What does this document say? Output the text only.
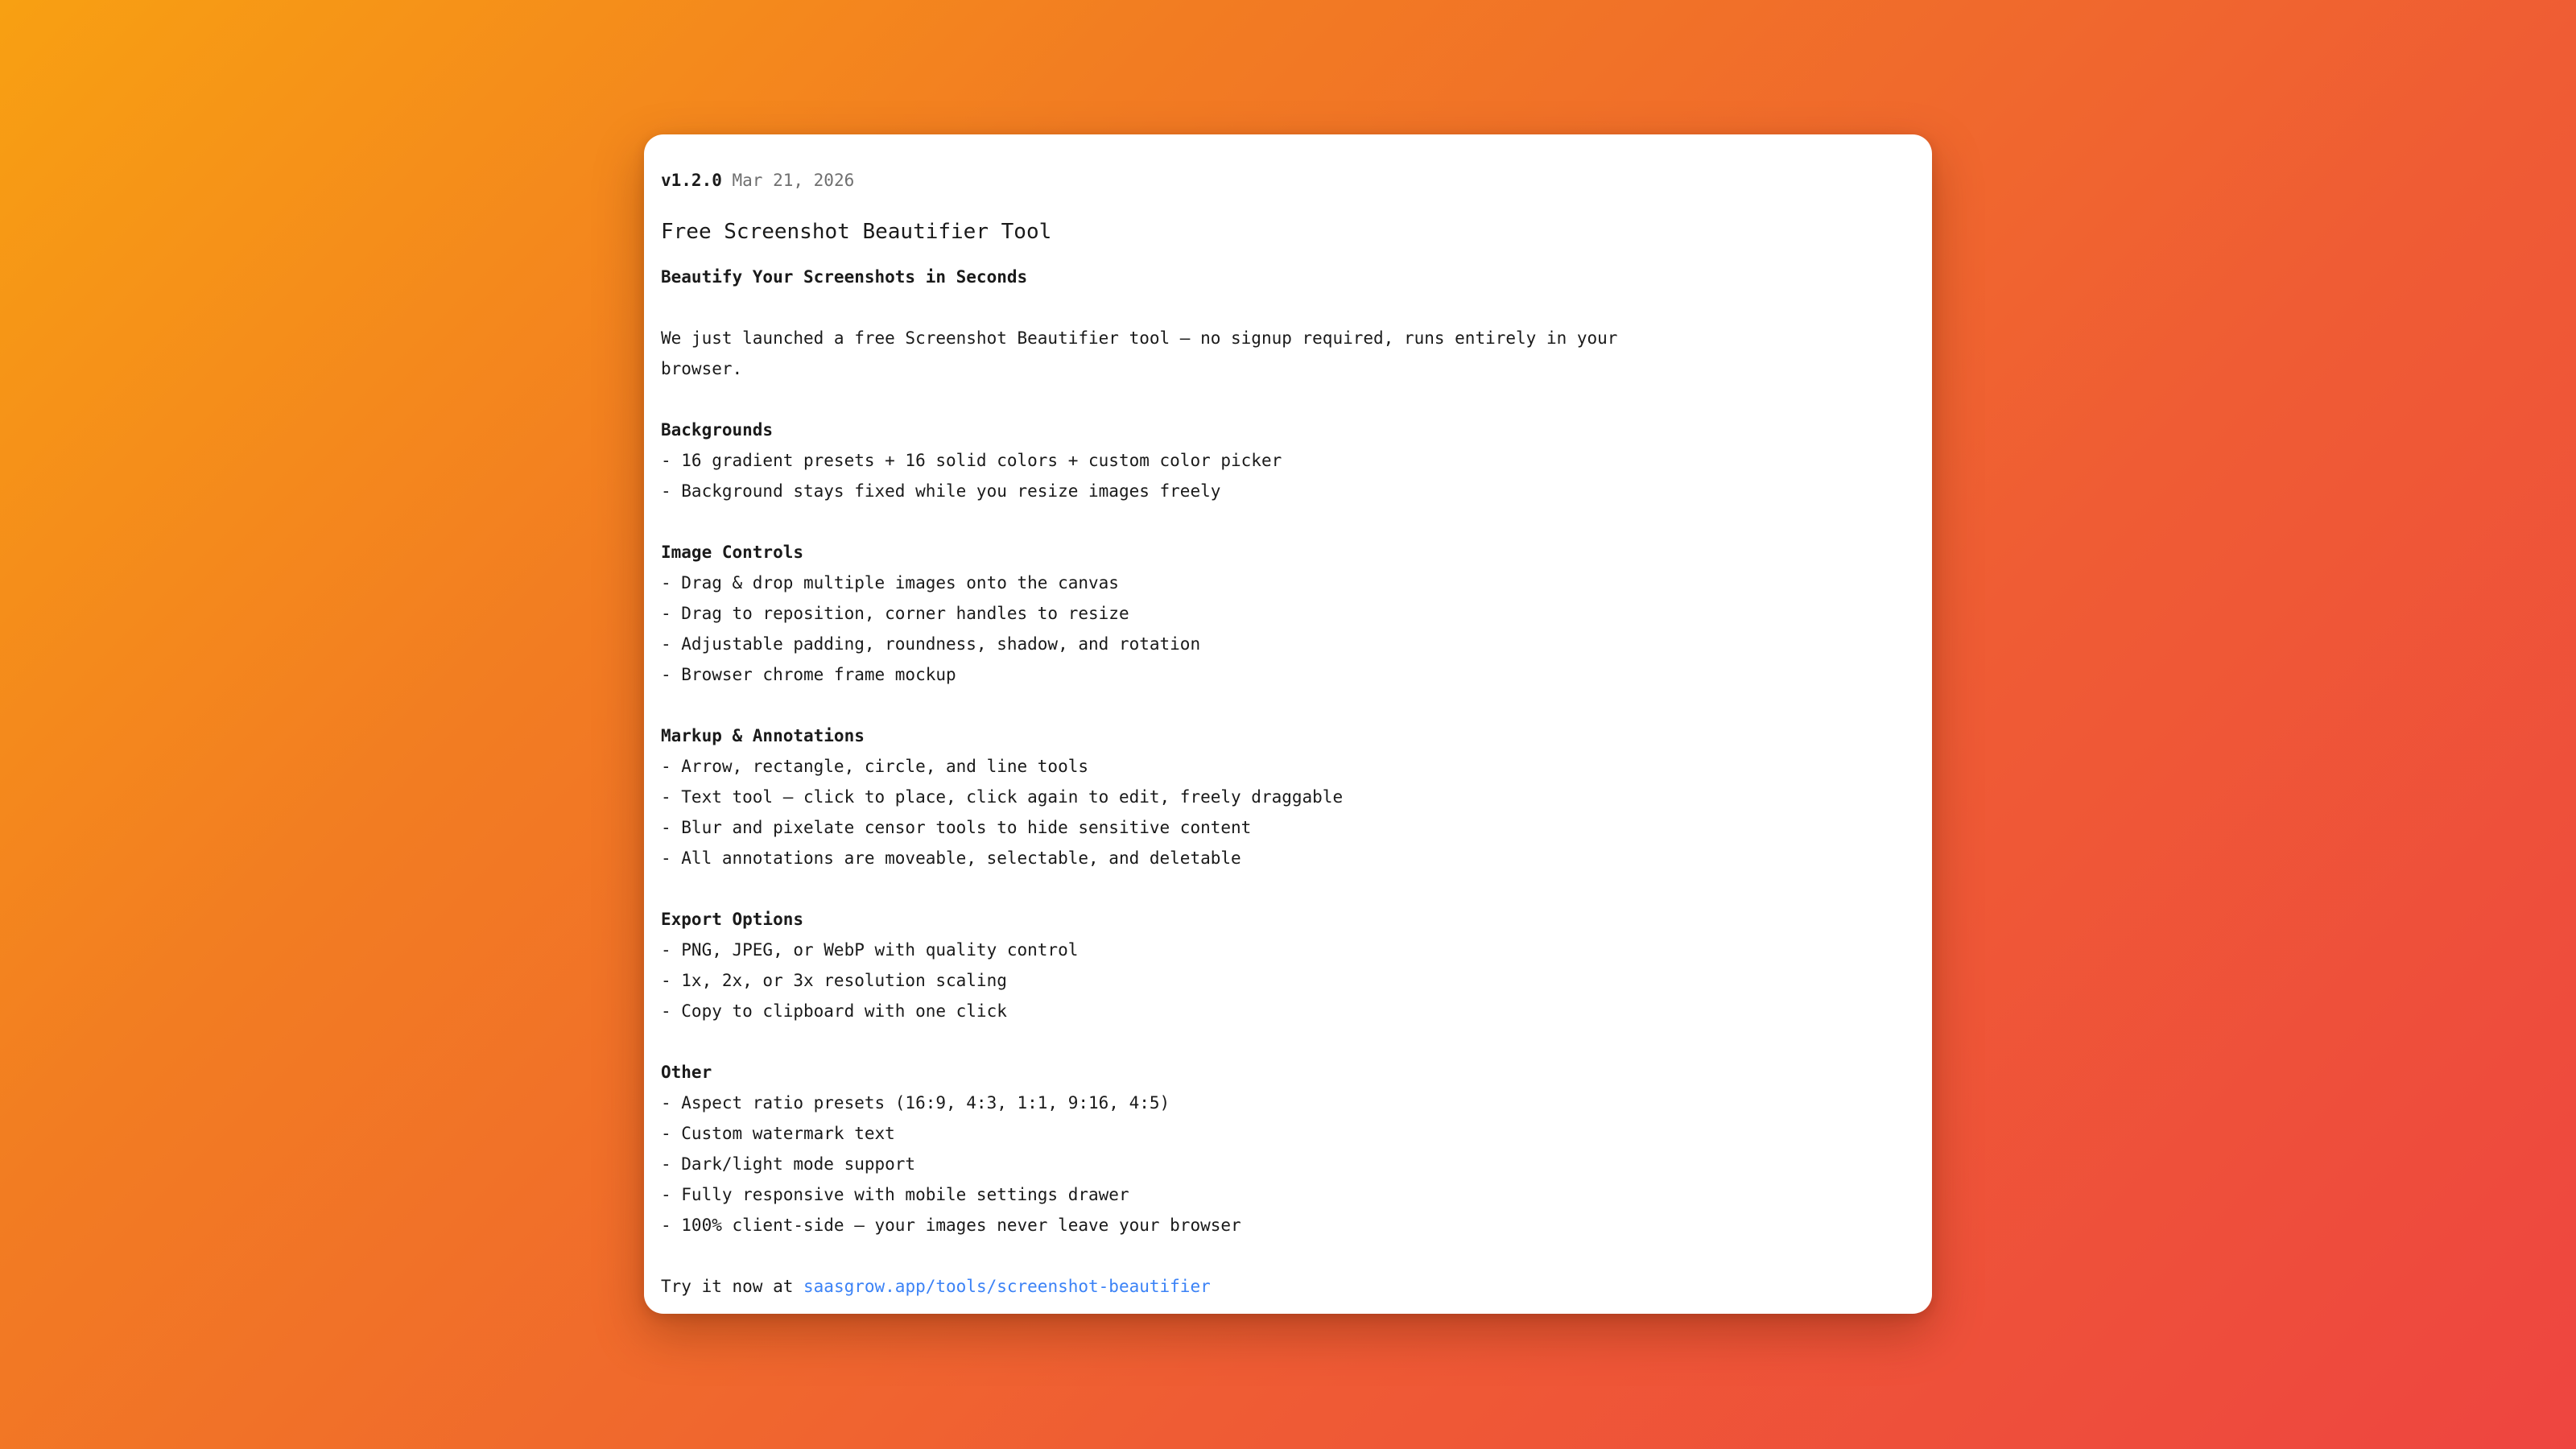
v1.2.0 Mar 21, 2026
Free Screenshot Beautifier Tool
Beautify Your Screenshots in Seconds
We just launched a free Screenshot Beautifier tool — no signup required, runs entirely in your
browser.
Backgrounds
- 16 gradient presets + 16 solid colors + custom color picker
- Background stays fixed while you resize images freely
Image Controls
- Drag & drop multiple images onto the canvas
- Drag to reposition, corner handles to resize
- Adjustable padding, roundness, shadow, and rotation
- Browser chrome frame mockup
Markup & Annotations
- Arrow, rectangle, circle, and line tools
- Text tool — click to place, click again to edit, freely draggable
- Blur and pixelate censor tools to hide sensitive content
- All annotations are moveable, selectable, and deletable
Export Options
- PNG, JPEG, or WebP with quality control
- 1x, 2x, or 3x resolution scaling
- Copy to clipboard with one click
Other
- Aspect ratio presets (16:9, 4:3, 1:1, 9:16, 4:5)
- Custom watermark text
- Dark/light mode support
- Fully responsive with mobile settings drawer
- 100% client-side — your images never leave your browser
Try it now at saasgrow.app/tools/screenshot-beautifier
